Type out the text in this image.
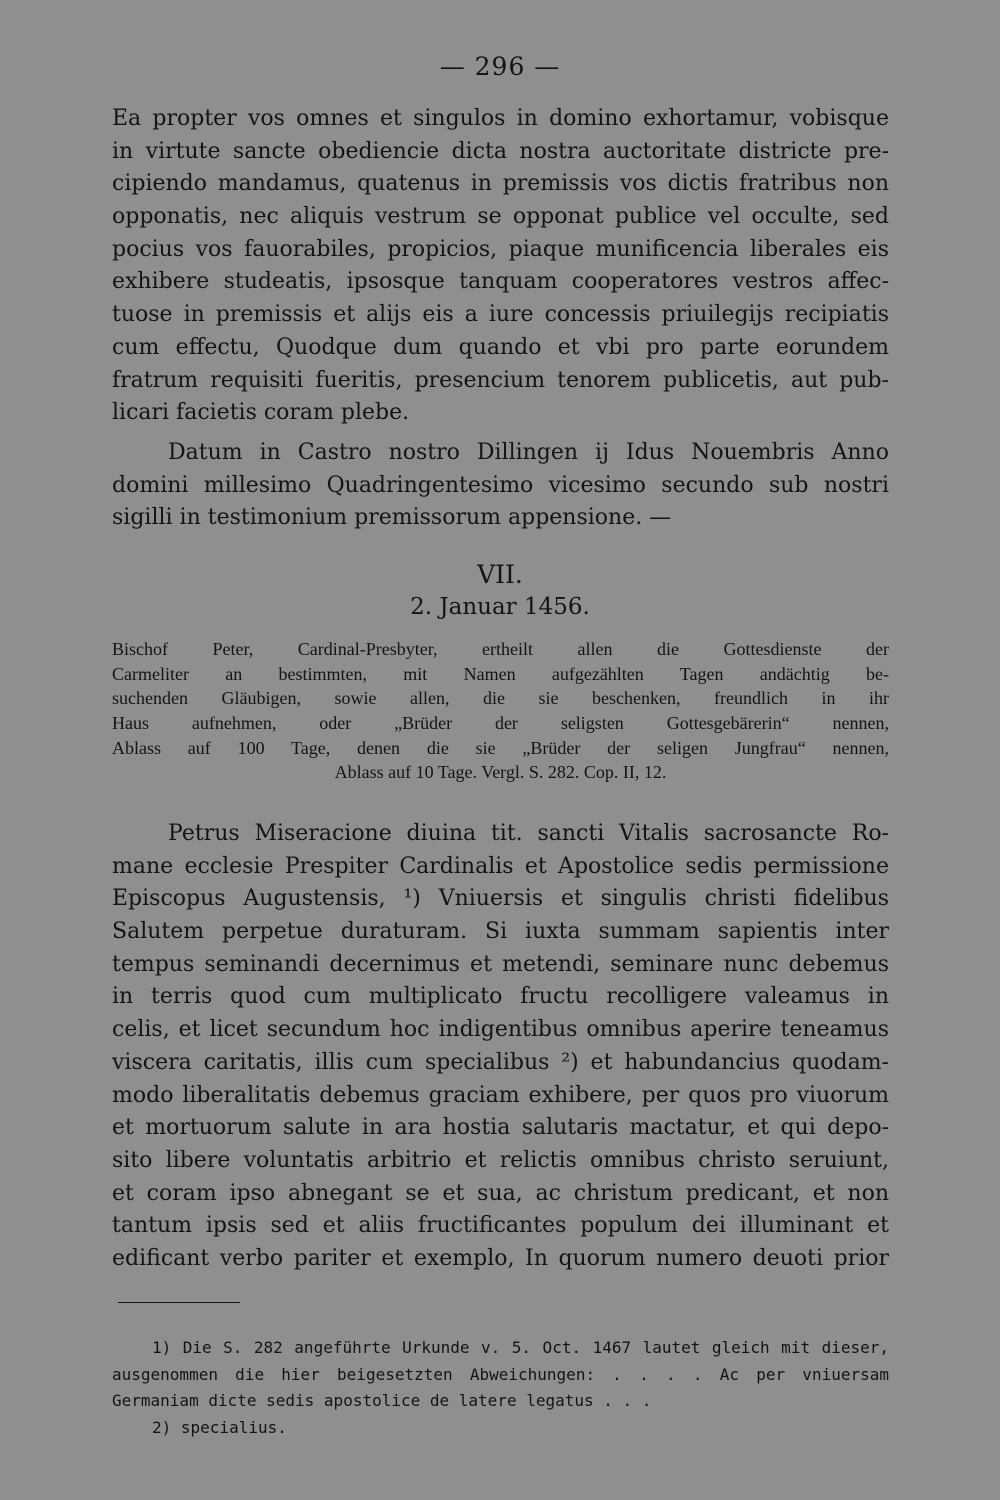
— 296 —
Ea propter vos omnes et singulos in domino exhortamur, vobisque
in virtute sancte obediencie dicta nostra auctoritate districte pre-
cipiendo mandamus, quatenus in premissis vos dictis fratribus non
opponatis, nec aliquis vestrum se opponat publice vel occulte, sed
pocius vos fauorabiles, propicios, piaque munificencia liberales eis
exhibere studeatis, ipsosque tanquam cooperatores vestros affec-
tuose in premissis et alijs eis a iure concessis priuilegijs recipiatis
cum effectu, Quodque dum quando et vbi pro parte eorundem
fratrum requisiti fueritis, presencium tenorem publicetis, aut pub-
licari facietis coram plebe.
Datum in Castro nostro Dillingen ij Idus Nouembris Anno
domini millesimo Quadringentesimo vicesimo secundo sub nostri
sigilli in testimonium premissorum appensione. —
VII.
2. Januar 1456.
Bischof Peter, Cardinal-Presbyter, ertheilt allen die Gottesdienste der
Carmeliter an bestimmten, mit Namen aufgezählten Tagen andächtig be-
suchenden Gläubigen, sowie allen, die sie beschenken, freundlich in ihr
Haus aufnehmen, oder „Brüder der seligsten Gottesgebärerin“ nennen,
Ablass auf 100 Tage, denen die sie „Brüder der seligen Jungfrau“ nennen,
Ablass auf 10 Tage. Vergl. S. 282. Cop. II, 12.
Petrus Miseracione diuina tit. sancti Vitalis sacrosancte Ro-
mane ecclesie Prespiter Cardinalis et Apostolice sedis permissione
Episcopus Augustensis, ¹) Vniuersis et singulis christi fidelibus
Salutem perpetue duraturam. Si iuxta summam sapientis inter
tempus seminandi decernimus et metendi, seminare nunc debemus
in terris quod cum multiplicato fructu recolligere valeamus in
celis, et licet secundum hoc indigentibus omnibus aperire teneamus
viscera caritatis, illis cum specialibus ²) et habundancius quodam-
modo liberalitatis debemus graciam exhibere, per quos pro viuorum
et mortuorum salute in ara hostia salutaris mactatur, et qui depo-
sito libere voluntatis arbitrio et relictis omnibus christo seruiunt,
et coram ipso abnegant se et sua, ac christum predicant, et non
tantum ipsis sed et aliis fructificantes populum dei illuminant et
edificant verbo pariter et exemplo, In quorum numero deuoti prior
1) Die S. 282 angeführte Urkunde v. 5. Oct. 1467 lautet gleich mit dieser,
ausgenommen die hier beigesetzten Abweichungen: . . . . Ac per vniuersam
Germaniam dicte sedis apostolice de latere legatus . . .
2) specialius.
